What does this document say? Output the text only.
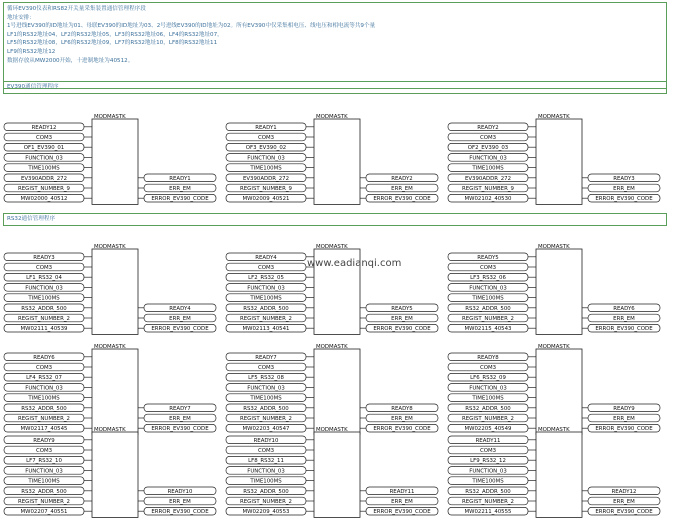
循环EV390仪表和RS82开关量采集装置通信管理程序段
地址安排：
1号进线EV390的ID地址为01、母联EV390的ID地址为03、2号进线EV390的ID地址为02。所有EV390中仅采集相电压、线电压和相电流等共9个量
LF1的RS32地址04，LF2的RS32地址05，LF3的RS32地址06，LF4的RS32地址07，
LF5的RS32地址08，LF6的RS32地址09，LF7的RS32地址10，LF8的RS32地址11
LF9的RS32地址12
数据存放从MW2000开始，十进制地址为40512。
EV390通信管理程序
RS32通信管理程序
MODMASTK
READY12
COM3
OF1_EV390_01
FUNCTION_03
TIME100MS
EV390ADDR_272
REGIST_NUMBER_9
MW02000_40512
READY1
ERR_EM
ERROR_EV390_CODE
MODMASTK
READY1
COM3
OF3_EV390_02
FUNCTION_03
TIME100MS
EV390ADDR_272
REGIST_NUMBER_9
MW02009_40521
READY2
ERR_EM
ERROR_EV390_CODE
MODMASTK
READY2
COM3
OF2_EV390_03
FUNCTION_03
TIME100MS
EV390ADDR_272
REGIST_NUMBER_9
MW02102_40530
READY3
ERR_EM
ERROR_EV390_CODE
MODMASTK
READY3
COM3
LF1_RS32_04
FUNCTION_03
TIME100MS
RS32_ADDR_500
REGIST_NUMBER_2
MW02111_40539
READY4
ERR_EM
ERROR_EV390_CODE
MODMASTK
READY4
COM3
LF2_RS32_05
FUNCTION_03
TIME100MS
RS32_ADDR_500
REGIST_NUMBER_2
MW02113_40541
READY5
ERR_EM
ERROR_EV390_CODE
MODMASTK
READY5
COM3
LF3_RS32_06
FUNCTION_03
TIME100MS
RS32_ADDR_500
REGIST_NUMBER_2
MW02115_40543
READY6
ERR_EM
ERROR_EV390_CODE
MODMASTK
READY6
COM3
LF4_RS32_07
FUNCTION_03
TIME100MS
RS32_ADDR_500
REGIST_NUMBER_2
MW02117_40545
READY7
ERR_EM
ERROR_EV390_CODE
MODMASTK
READY7
COM3
LF5_RS32_08
FUNCTION_03
TIME100MS
RS32_ADDR_500
REGIST_NUMBER_2
MW02203_40547
READY8
ERR_EM
ERROR_EV390_CODE
MODMASTK
READY8
COM3
LF6_RS32_09
FUNCTION_03
TIME100MS
RS32_ADDR_500
REGIST_NUMBER_2
MW02205_40549
READY9
ERR_EM
ERROR_EV390_CODE
MODMASTK
READY9
COM3
LF7_RS32_10
FUNCTION_03
TIME100MS
RS32_ADDR_500
REGIST_NUMBER_2
MW02207_40551
READY10
ERR_EM
ERROR_EV390_CODE
MODMASTK
READY10
COM3
LF8_RS32_11
FUNCTION_03
TIME100MS
RS32_ADDR_500
REGIST_NUMBER_2
MW02209_40553
READY11
ERR_EM
ERROR_EV390_CODE
MODMASTK
READY11
COM3
LF9_RS32_12
FUNCTION_03
TIME100MS
RS32_ADDR_500
REGIST_NUMBER_2
MW02211_40555
READY12
ERR_EM
ERROR_EV390_CODE
www.eadianqi.com
